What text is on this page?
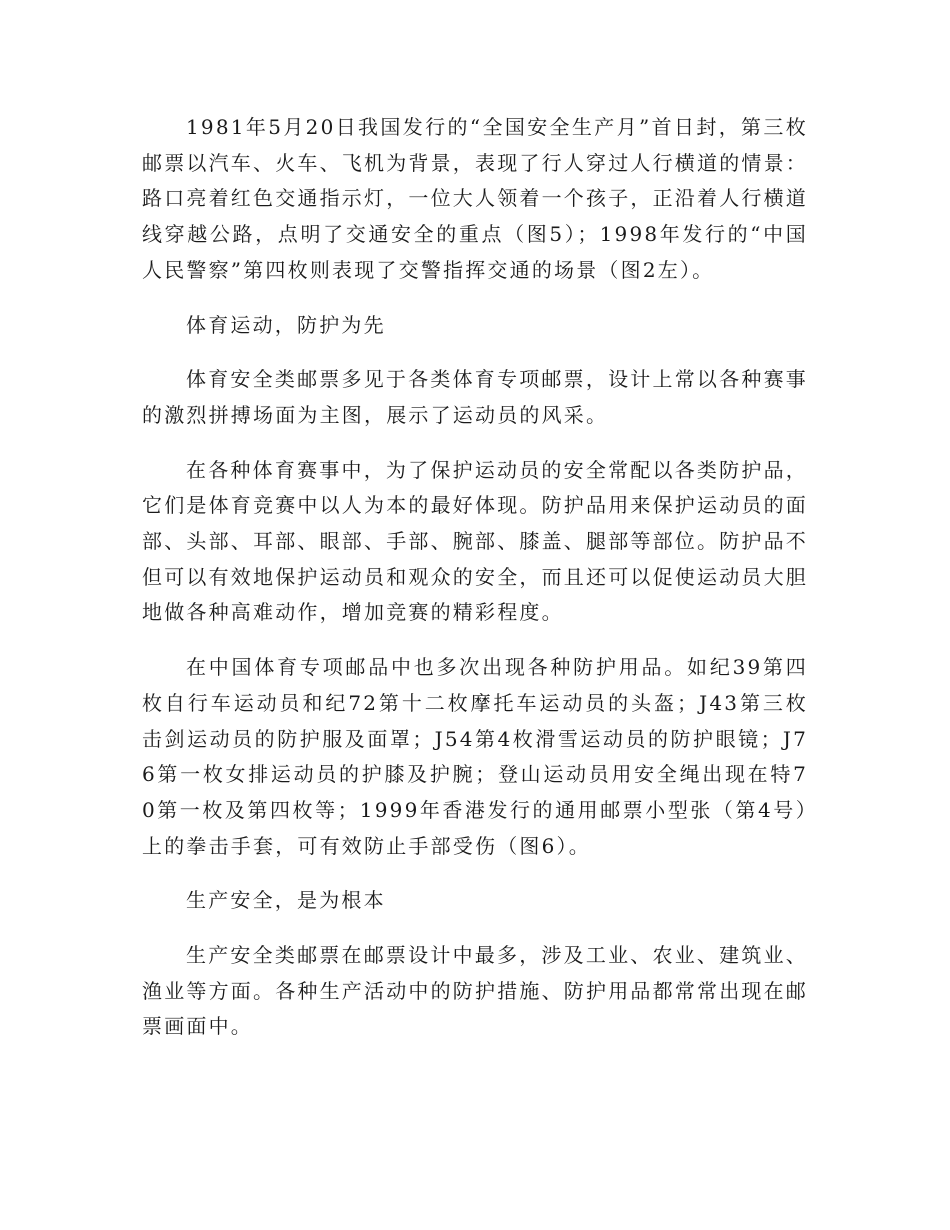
1981年5月20日我国发行的“全国安全生产月”首日封，第三枚邮票以汽车、火车、飞机为背景，表现了行人穿过人行横道的情景：路口亮着红色交通指示灯，一位大人领着一个孩子，正沿着人行横道线穿越公路，点明了交通安全的重点（图5）；1998年发行的“中国人民警察”第四枚则表现了交警指挥交通的场景（图2左）。

体育运动，防护为先

体育安全类邮票多见于各类体育专项邮票，设计上常以各种赛事的激烈拼搏场面为主图，展示了运动员的风采。

在各种体育赛事中，为了保护运动员的安全常配以各类防护品，它们是体育竞赛中以人为本的最好体现。防护品用来保护运动员的面部、头部、耳部、眼部、手部、腕部、膝盖、腿部等部位。防护品不但可以有效地保护运动员和观众的安全，而且还可以促使运动员大胆地做各种高难动作，增加竞赛的精彩程度。

在中国体育专项邮品中也多次出现各种防护用品。如纪39第四枚自行车运动员和纪72第十二枚摩托车运动员的头盔；J43第三枚击剑运动员的防护服及面罩；J54第4枚滑雪运动员的防护眼镜；J76第一枚女排运动员的护膝及护腕；登山运动员用安全绳出现在特70第一枚及第四枚等；1999年香港发行的通用邮票小型张（第4号）上的拳击手套，可有效防止手部受伤（图6）。

生产安全，是为根本

生产安全类邮票在邮票设计中最多，涉及工业、农业、建筑业、渔业等方面。各种生产活动中的防护措施、防护用品都常常出现在邮票画面中。
